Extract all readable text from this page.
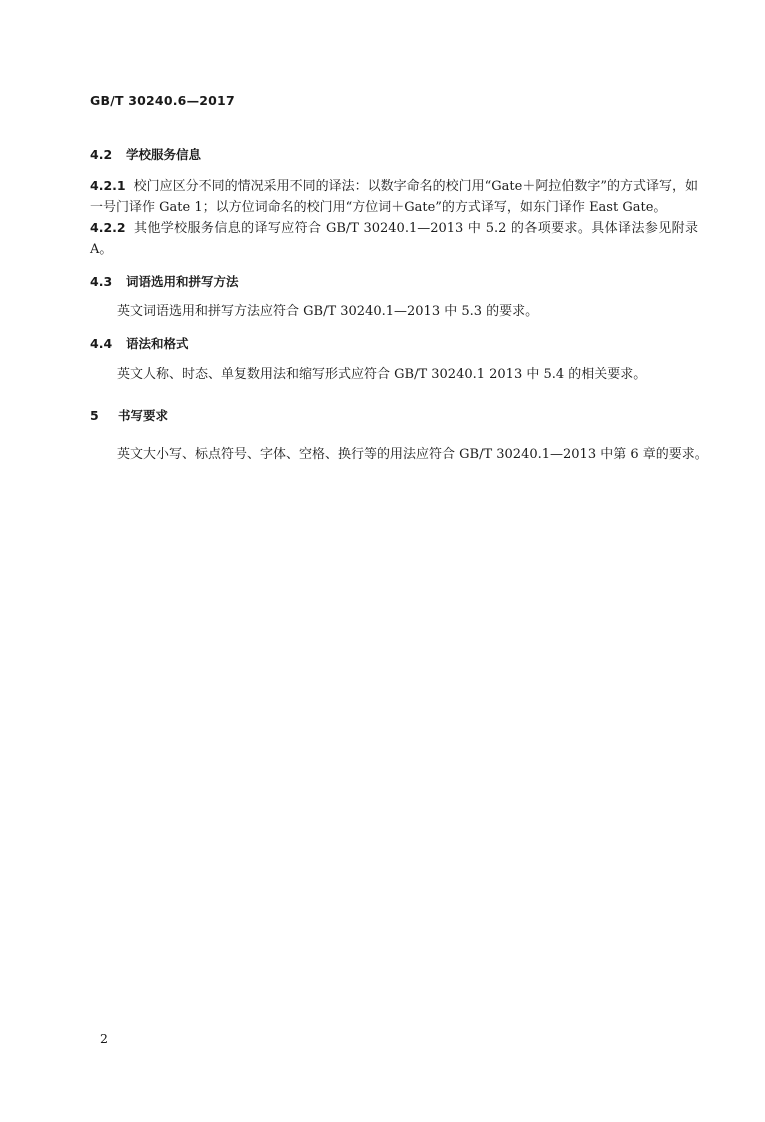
GB/T 30240.6—2017
4.2 学校服务信息
4.2.1 校门应区分不同的情况采用不同的译法：以数字命名的校门用“Gate＋阿拉伯数字”的方式译写，如一号门译作 Gate 1；以方位词命名的校门用“方位词＋Gate”的方式译写，如东门译作 East Gate。
4.2.2 其他学校服务信息的译写应符合 GB/T 30240.1—2013 中 5.2 的各项要求。具体译法参见附录 A。
4.3 词语选用和拼写方法
英文词语选用和拼写方法应符合 GB/T 30240.1—2013 中 5.3 的要求。
4.4 语法和格式
英文人称、时态、单复数用法和缩写形式应符合 GB/T 30240.1 2013 中 5.4 的相关要求。
5 书写要求
英文大小写、标点符号、字体、空格、换行等的用法应符合 GB/T 30240.1—2013 中第 6 章的要求。
2
